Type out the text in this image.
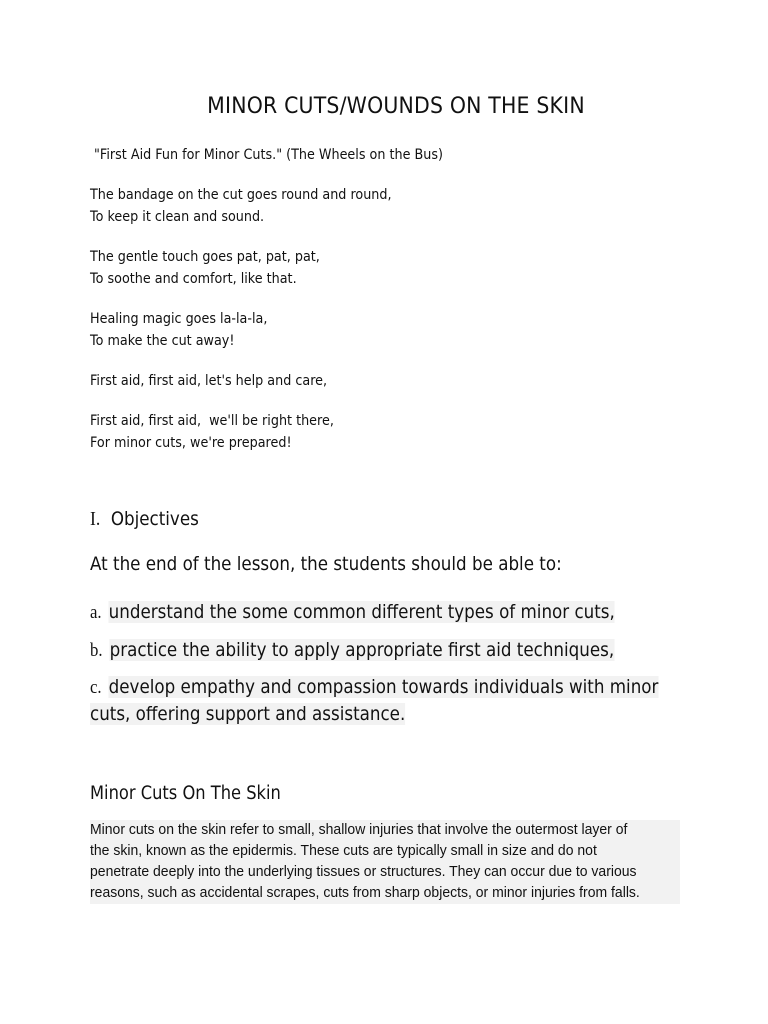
MINOR CUTS/WOUNDS ON THE SKIN
"First Aid Fun for Minor Cuts." (The Wheels on the Bus)
The bandage on the cut goes round and round,
To keep it clean and sound.
The gentle touch goes pat, pat, pat,
To soothe and comfort, like that.
Healing magic goes la-la-la,
To make the cut away!
First aid, first aid, let's help and care,
First aid, first aid,  we'll be right there,
For minor cuts, we're prepared!
I. Objectives
At the end of the lesson, the students should be able to:
a. understand the some common different types of minor cuts,
b. practice the ability to apply appropriate first aid techniques,
c. develop empathy and compassion towards individuals with minor
cuts, offering support and assistance.
Minor Cuts On The Skin
Minor cuts on the skin refer to small, shallow injuries that involve the outermost layer of
the skin, known as the epidermis. These cuts are typically small in size and do not
penetrate deeply into the underlying tissues or structures. They can occur due to various
reasons, such as accidental scrapes, cuts from sharp objects, or minor injuries from falls.
